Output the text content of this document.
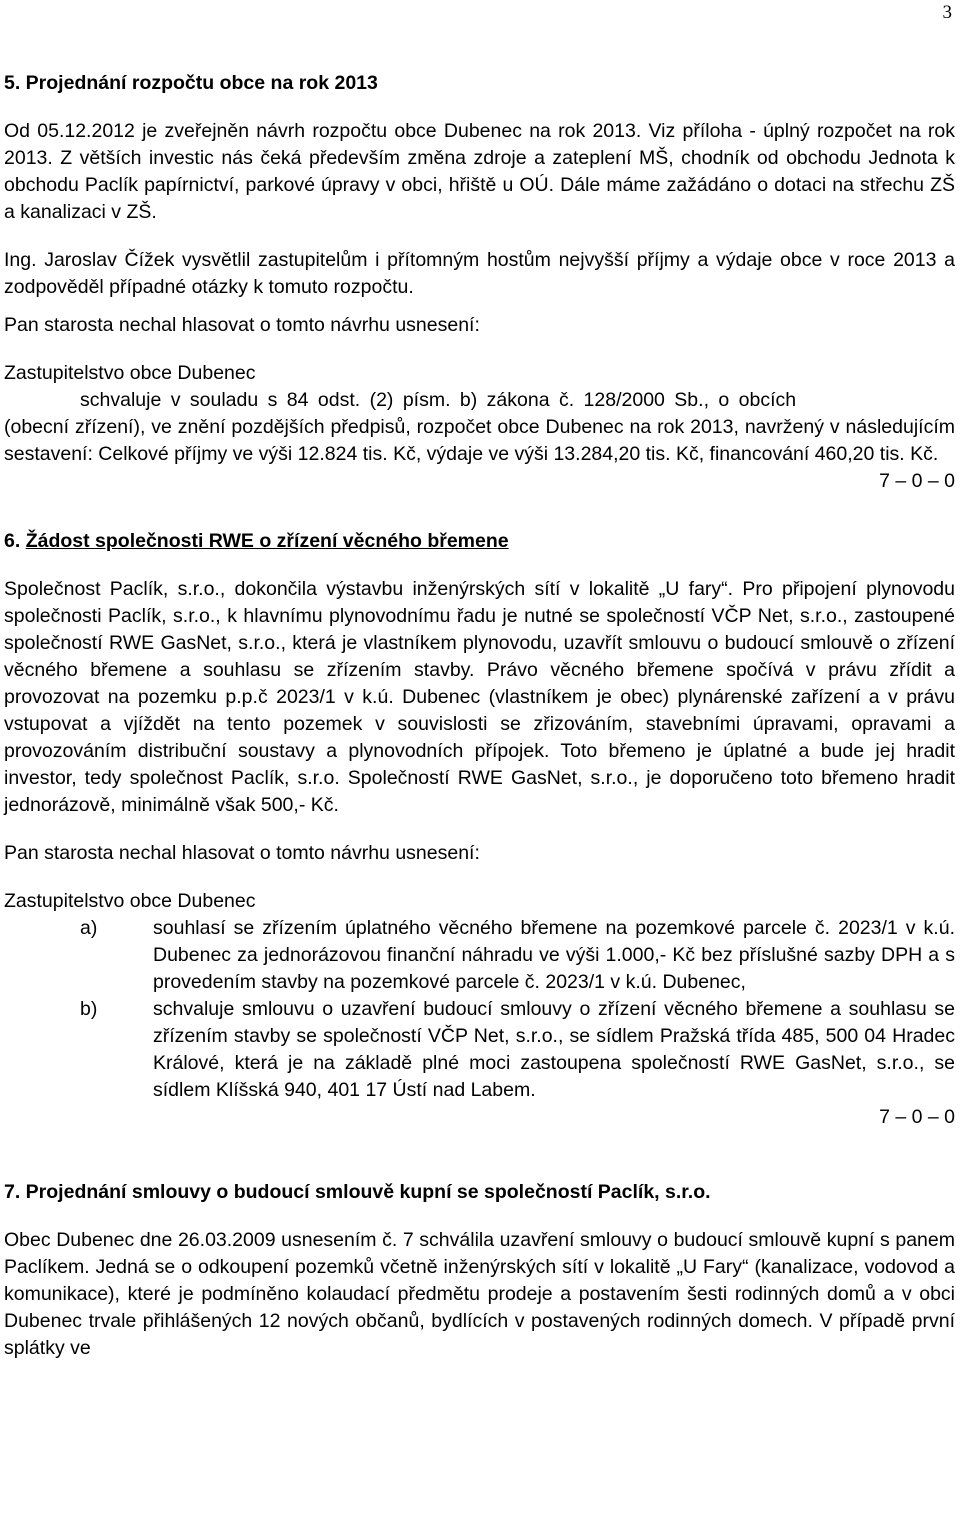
3
5. Projednání rozpočtu obce na rok 2013

Od 05.12.2012 je zveřejněn návrh rozpočtu obce Dubenec na rok 2013. Viz příloha - úplný rozpočet na rok 2013. Z větších investic nás čeká především změna zdroje a zateplení MŠ, chodník od obchodu Jednota k obchodu Paclík papírnictví, parkové úpravy v obci, hřiště u OÚ. Dále máme zažádáno o dotaci na střechu ZŠ a kanalizaci v ZŠ.

Ing. Jaroslav Čížek vysvětlil zastupitelům i přítomným hostům nejvyšší příjmy a výdaje obce v roce 2013 a zodpověděl případné otázky k tomuto rozpočtu.

Pan starosta nechal hlasovat o tomto návrhu usnesení:

Zastupitelstvo obce Dubenec

schvaluje v souladu s 84 odst. (2) písm. b) zákona č. 128/2000 Sb., o obcích

(obecní zřízení), ve znění pozdějších předpisů, rozpočet obce Dubenec na rok 2013, navržený v následujícím sestavení: Celkové příjmy ve výši 12.824 tis. Kč, výdaje ve výši 13.284,20 tis. Kč, financování 460,20 tis. Kč.

7 – 0 – 0

6. Žádost společnosti RWE o zřízení věcného břemene

Společnost Paclík, s.r.o., dokončila výstavbu inženýrských sítí v lokalitě „U fary“. Pro připojení plynovodu společnosti Paclík, s.r.o., k hlavnímu plynovodnímu řadu je nutné se společností VČP Net, s.r.o., zastoupené společností RWE GasNet, s.r.o., která je vlastníkem plynovodu, uzavřít smlouvu o budoucí smlouvě o zřízení věcného břemene a souhlasu se zřízením stavby. Právo věcného břemene spočívá v právu zřídit a provozovat na pozemku p.p.č 2023/1 v k.ú. Dubenec (vlastníkem je obec) plynárenské zařízení a v právu vstupovat a vjíždět na tento pozemek v souvislosti se zřizováním, stavebními úpravami, opravami a provozováním distribuční soustavy a plynovodních přípojek. Toto břemeno je úplatné a bude jej hradit investor, tedy společnost Paclík, s.r.o. Společností RWE GasNet, s.r.o., je doporučeno toto břemeno hradit jednorázově, minimálně však 500,- Kč.

Pan starosta nechal hlasovat o tomto návrhu usnesení:

Zastupitelstvo obce Dubenec

a)	souhlasí se zřízením úplatného věcného břemene na pozemkové parcele č. 2023/1 v k.ú. Dubenec za jednorázovou finanční náhradu ve výši 1.000,- Kč bez příslušné sazby DPH a s provedením stavby na pozemkové parcele č. 2023/1 v k.ú. Dubenec,
b)	schvaluje smlouvu o uzavření budoucí smlouvy o zřízení věcného břemene a souhlasu se zřízením stavby se společností VČP Net, s.r.o., se sídlem Pražská třída 485, 500 04 Hradec Králové, která je na základě plné moci zastoupena společností RWE GasNet, s.r.o., se sídlem Klíšská 940, 401 17 Ústí nad Labem.

7 – 0 – 0

7. Projednání smlouvy o budoucí smlouvě kupní se společností Paclík, s.r.o.

Obec Dubenec dne 26.03.2009 usnesením č. 7 schválila uzavření smlouvy o budoucí smlouvě kupní s panem Paclíkem. Jedná se o odkoupení pozemků včetně inženýrských sítí v lokalitě „U Fary“ (kanalizace, vodovod a komunikace), které je podmíněno kolaudací předmětu prodeje a postavením šesti rodinných domů a v obci Dubenec trvale přihlášených 12 nových občanů, bydlících v postavených rodinných domech. V případě první splátky ve
